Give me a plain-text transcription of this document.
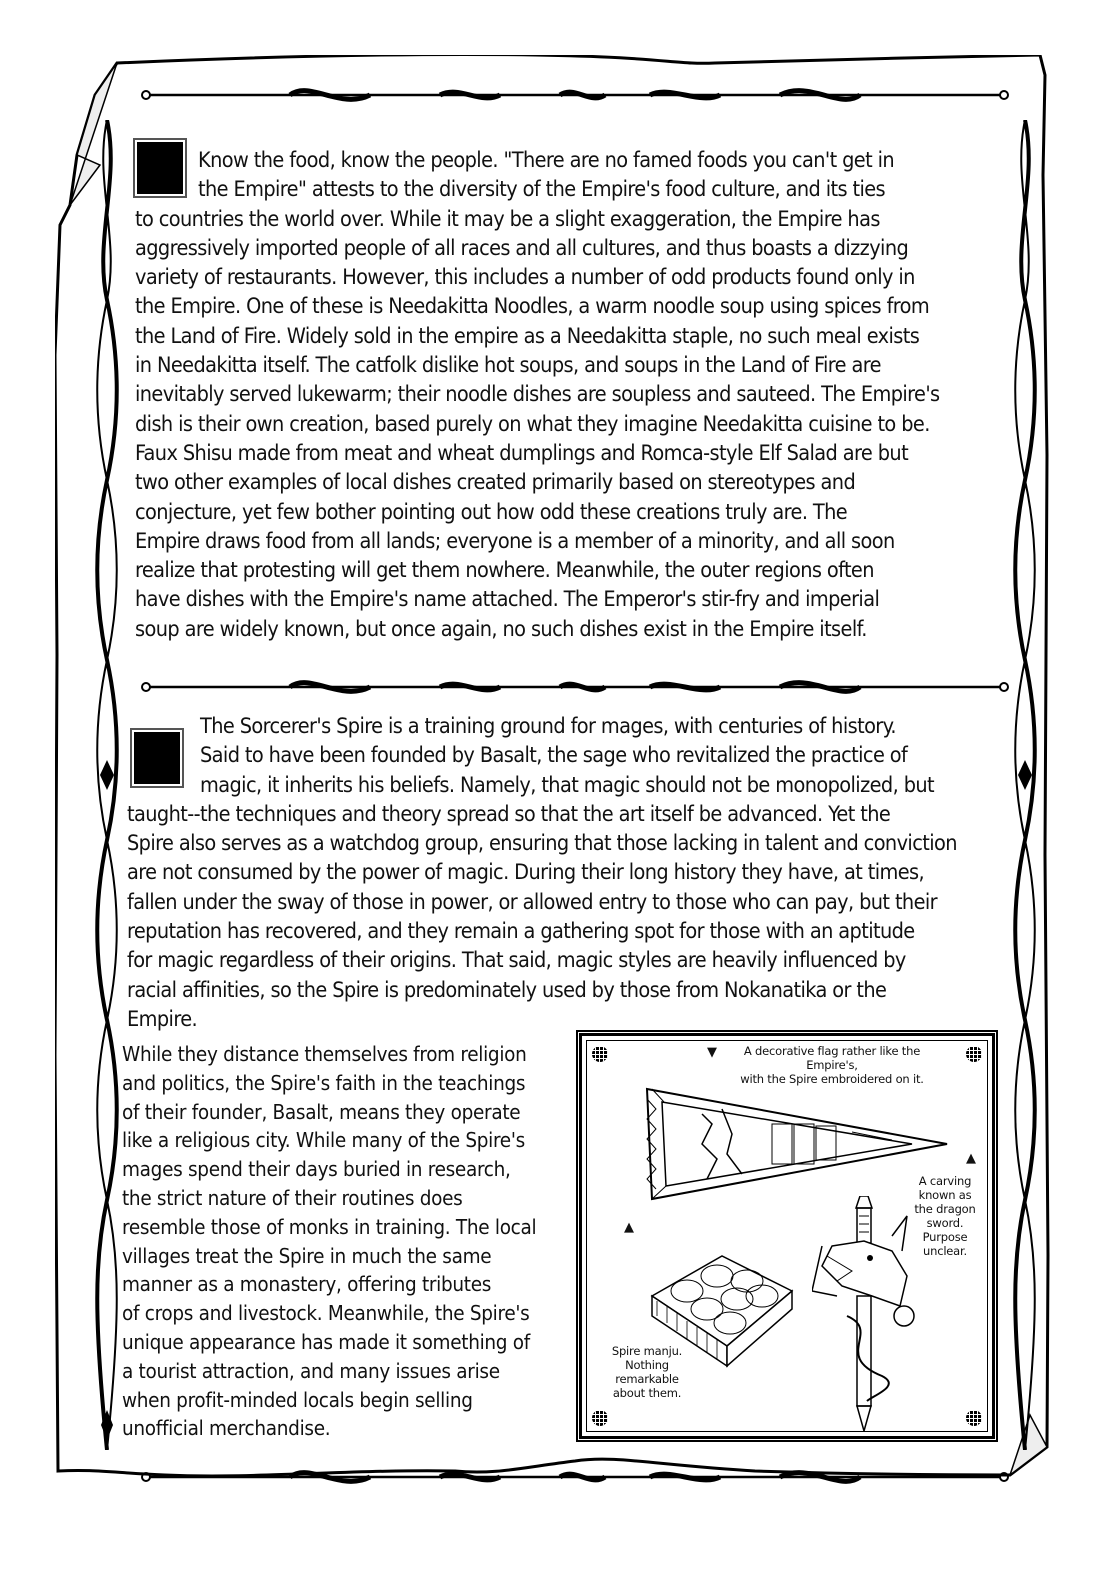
Know the food, know the people. "There are no famed foods you can't get in
the Empire" attests to the diversity of the Empire's food culture, and its ties
to countries the world over. While it may be a slight exaggeration, the Empire has
aggressively imported people of all races and all cultures, and thus boasts a dizzying
variety of restaurants. However, this includes a number of odd products found only in
the Empire. One of these is Needakitta Noodles, a warm noodle soup using spices from
the Land of Fire. Widely sold in the empire as a Needakitta staple, no such meal exists
in Needakitta itself. The catfolk dislike hot soups, and soups in the Land of Fire are
inevitably served lukewarm; their noodle dishes are soupless and sauteed. The Empire's
dish is their own creation, based purely on what they imagine Needakitta cuisine to be.
Faux Shisu made from meat and wheat dumplings and Romca-style Elf Salad are but
two other examples of local dishes created primarily based on stereotypes and
conjecture, yet few bother pointing out how odd these creations truly are. The
Empire draws food from all lands; everyone is a member of a minority, and all soon
realize that protesting will get them nowhere. Meanwhile, the outer regions often
have dishes with the Empire's name attached. The Emperor's stir-fry and imperial
soup are widely known, but once again, no such dishes exist in the Empire itself.
The Sorcerer's Spire is a training ground for mages, with centuries of history.
Said to have been founded by Basalt, the sage who revitalized the practice of
magic, it inherits his beliefs. Namely, that magic should not be monopolized, but
taught--the techniques and theory spread so that the art itself be advanced. Yet the
Spire also serves as a watchdog group, ensuring that those lacking in talent and conviction
are not consumed by the power of magic. During their long history they have, at times,
fallen under the sway of those in power, or allowed entry to those who can pay, but their
reputation has recovered, and they remain a gathering spot for those with an aptitude
for magic regardless of their origins. That said, magic styles are heavily influenced by
racial affinities, so the Spire is predominately used by those from Nokanatika or the
Empire.
While they distance themselves from religion
and politics, the Spire's faith in the teachings
of their founder, Basalt, means they operate
like a religious city. While many of the Spire's
mages spend their days buried in research,
the strict nature of their routines does
resemble those of monks in training. The local
villages treat the Spire in much the same
manner as a monastery, offering tributes
of crops and livestock. Meanwhile, the Spire's
unique appearance has made it something of
a tourist attraction, and many issues arise
when profit-minded locals begin selling
unofficial merchandise.
▼	A decorative flag rather like the Empire's,
with the Spire embroidered on it.
▲
A carving
known as
the dragon
sword.
Purpose
unclear.
▲
Spire manju.
Nothing remarkable
about them.
